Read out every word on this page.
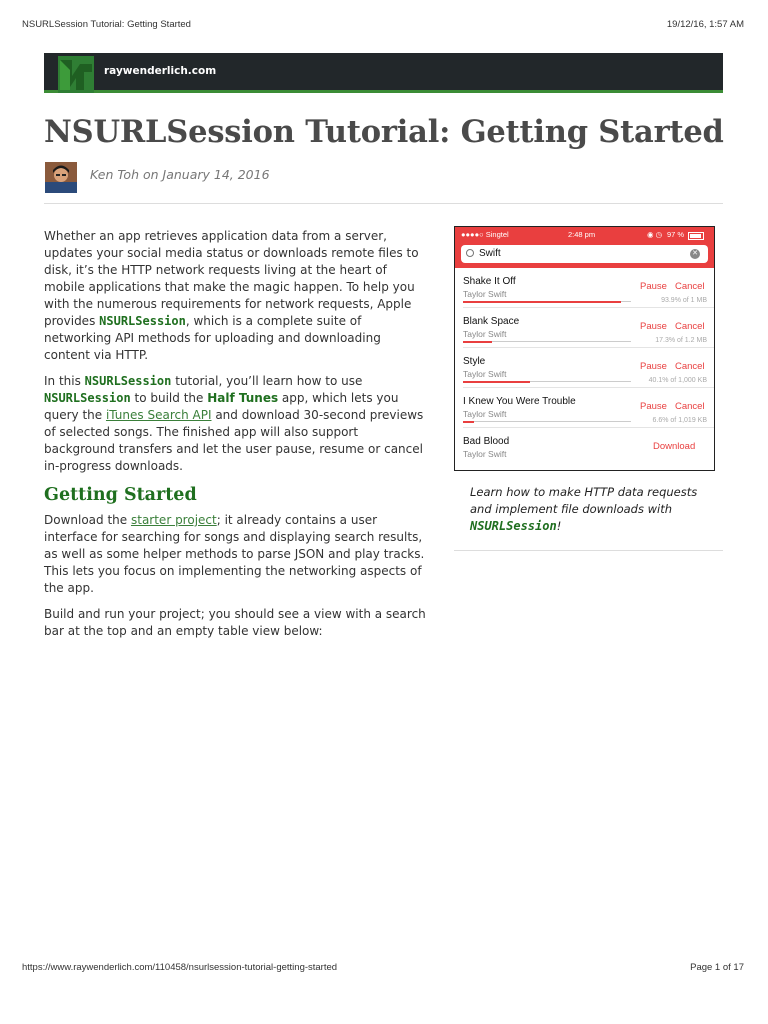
NSURLSession Tutorial: Getting Started	19/12/16, 1:57 AM
raywenderlich.com
NSURLSession Tutorial: Getting Started
Ken Toh on January 14, 2016

Whether an app retrieves application data from a server, updates your social media status or downloads remote files to disk, it’s the HTTP network requests living at the heart of mobile applications that make the magic happen. To help you with the numerous requirements for network requests, Apple provides NSURLSession, which is a complete suite of networking API methods for uploading and downloading content via HTTP.

In this NSURLSession tutorial, you’ll learn how to use NSURLSession to build the Half Tunes app, which lets you query the iTunes Search API and download 30-second previews of selected songs. The finished app will also support background transfers and let the user pause, resume or cancel in-progress downloads.

Getting Started

Download the starter project; it already contains a user interface for searching for songs and displaying search results, as well as some helper methods to parse JSON and play tracks. This lets you focus on implementing the networking aspects of the app.

Build and run your project; you should see a view with a search bar at the top and an empty table view below:

●●●●○ Singtel	2:48 pm	◉ ◷ 97 %
Swift	✕
Shake It Off
Taylor Swift
Pause Cancel
93.9% of 1 MB
Blank Space
Taylor Swift
Pause Cancel
17.3% of 1.2 MB
Style
Taylor Swift
Pause Cancel
40.1% of 1,000 KB
I Knew You Were Trouble
Taylor Swift
Pause Cancel
6.6% of 1,019 KB
Bad Blood
Taylor Swift
Download
Learn how to make HTTP data requests and implement file downloads with NSURLSession!
https://www.raywenderlich.com/110458/nsurlsession-tutorial-getting-started	Page 1 of 17
